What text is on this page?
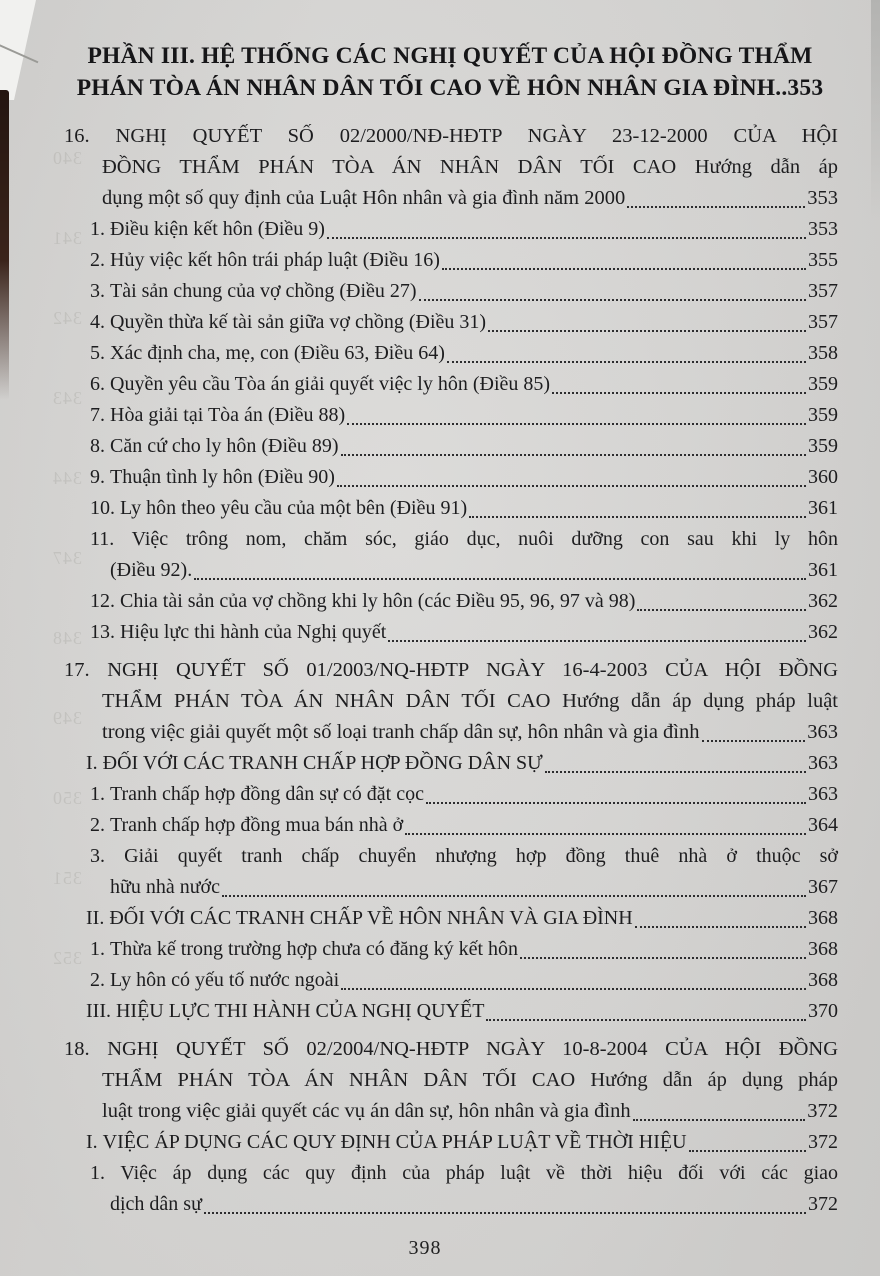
340
341
342
343
344
347
348
349
350
351
352
PHẦN III. HỆ THỐNG CÁC NGHỊ QUYẾT CỦA HỘI ĐỒNG THẨM
PHÁN TÒA ÁN NHÂN DÂN TỐI CAO VỀ HÔN NHÂN GIA ĐÌNH..353
16. NGHỊ QUYẾT SỐ 02/2000/NĐ-HĐTP NGÀY 23-12-2000 CỦA HỘI
ĐỒNG THẨM PHÁN TÒA ÁN NHÂN DÂN TỐI CAO Hướng dẫn áp
dụng một số quy định của Luật Hôn nhân và gia đình năm 2000	353
1. Điều kiện kết hôn (Điều 9)	353
2. Hủy việc kết hôn trái pháp luật (Điều 16)	355
3. Tài sản chung của vợ chồng (Điều 27)	357
4. Quyền thừa kế tài sản giữa vợ chồng (Điều 31)	357
5. Xác định cha, mẹ, con (Điều 63, Điều 64)	358
6. Quyền yêu cầu Tòa án giải quyết việc ly hôn (Điều 85)	359
7. Hòa giải tại Tòa án (Điều 88)	359
8. Căn cứ cho ly hôn (Điều 89)	359
9. Thuận tình ly hôn (Điều 90)	360
10. Ly hôn theo yêu cầu của một bên (Điều 91)	361
11. Việc trông nom, chăm sóc, giáo dục, nuôi dưỡng con sau khi ly hôn
(Điều 92).	361
12. Chia tài sản của vợ chồng khi ly hôn (các Điều 95, 96, 97 và 98)	362
13. Hiệu lực thi hành của Nghị quyết	362
17. NGHỊ QUYẾT SỐ 01/2003/NQ-HĐTP NGÀY 16-4-2003 CỦA HỘI ĐỒNG
THẨM PHÁN TÒA ÁN NHÂN DÂN TỐI CAO Hướng dẫn áp dụng pháp luật
trong việc giải quyết một số loại tranh chấp dân sự, hôn nhân và gia đình	363
I. ĐỐI VỚI CÁC TRANH CHẤP HỢP ĐỒNG DÂN SỰ	363
1. Tranh chấp hợp đồng dân sự có đặt cọc	363
2. Tranh chấp hợp đồng mua bán nhà ở	364
3. Giải quyết tranh chấp chuyển nhượng hợp đồng thuê nhà ở thuộc sở
hữu nhà nước	367
II. ĐỐI VỚI CÁC TRANH CHẤP VỀ HÔN NHÂN VÀ GIA ĐÌNH	368
1. Thừa kế trong trường hợp chưa có đăng ký kết hôn	368
2. Ly hôn có yếu tố nước ngoài	368
III. HIỆU LỰC THI HÀNH CỦA NGHỊ QUYẾT	370
18. NGHỊ QUYẾT SỐ 02/2004/NQ-HĐTP NGÀY 10-8-2004 CỦA HỘI ĐỒNG
THẨM PHÁN TÒA ÁN NHÂN DÂN TỐI CAO Hướng dẫn áp dụng pháp
luật trong việc giải quyết các vụ án dân sự, hôn nhân và gia đình	372
I. VIỆC ÁP DỤNG CÁC QUY ĐỊNH CỦA PHÁP LUẬT VỀ THỜI HIỆU	372
1. Việc áp dụng các quy định của pháp luật về thời hiệu đối với các giao
dịch dân sự	372
398
